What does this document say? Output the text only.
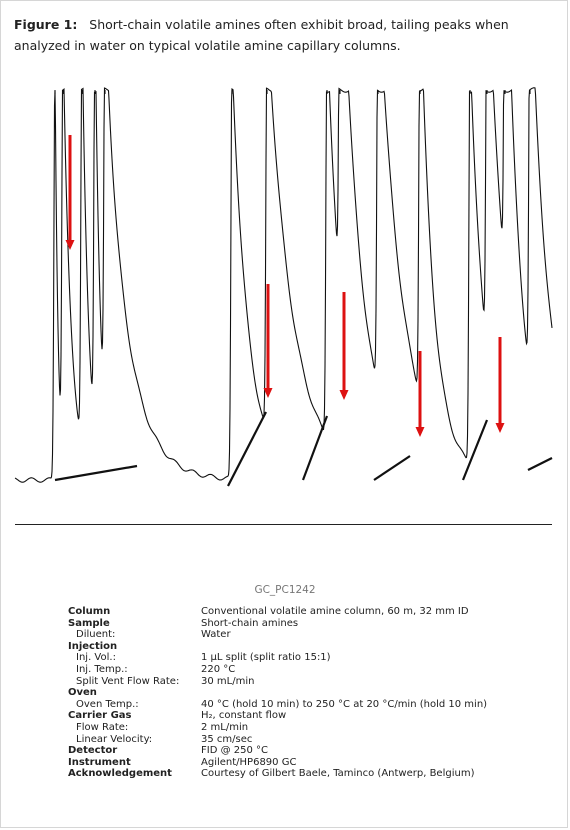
Figure 1: Short-chain volatile amines often exhibit broad, tailing peaks when analyzed in water on typical volatile amine capillary columns.
GC_PC1242
Column	Conventional volatile amine column, 60 m, 32 mm ID
Sample	Short-chain amines
Diluent:	Water
Injection
Inj. Vol.:	1 µL split (split ratio 15:1)
Inj. Temp.:	220 °C
Split Vent Flow Rate: 30 mL/min
Oven
Oven Temp.:	40 °C (hold 10 min) to 250 °C at 20 °C/min (hold 10 min)
Carrier Gas	H₂, constant flow
Flow Rate:	2 mL/min
Linear Velocity:	35 cm/sec
Detector	FID @ 250 °C
Instrument	Agilent/HP6890 GC
Acknowledgement	Courtesy of Gilbert Baele, Taminco (Antwerp, Belgium)
